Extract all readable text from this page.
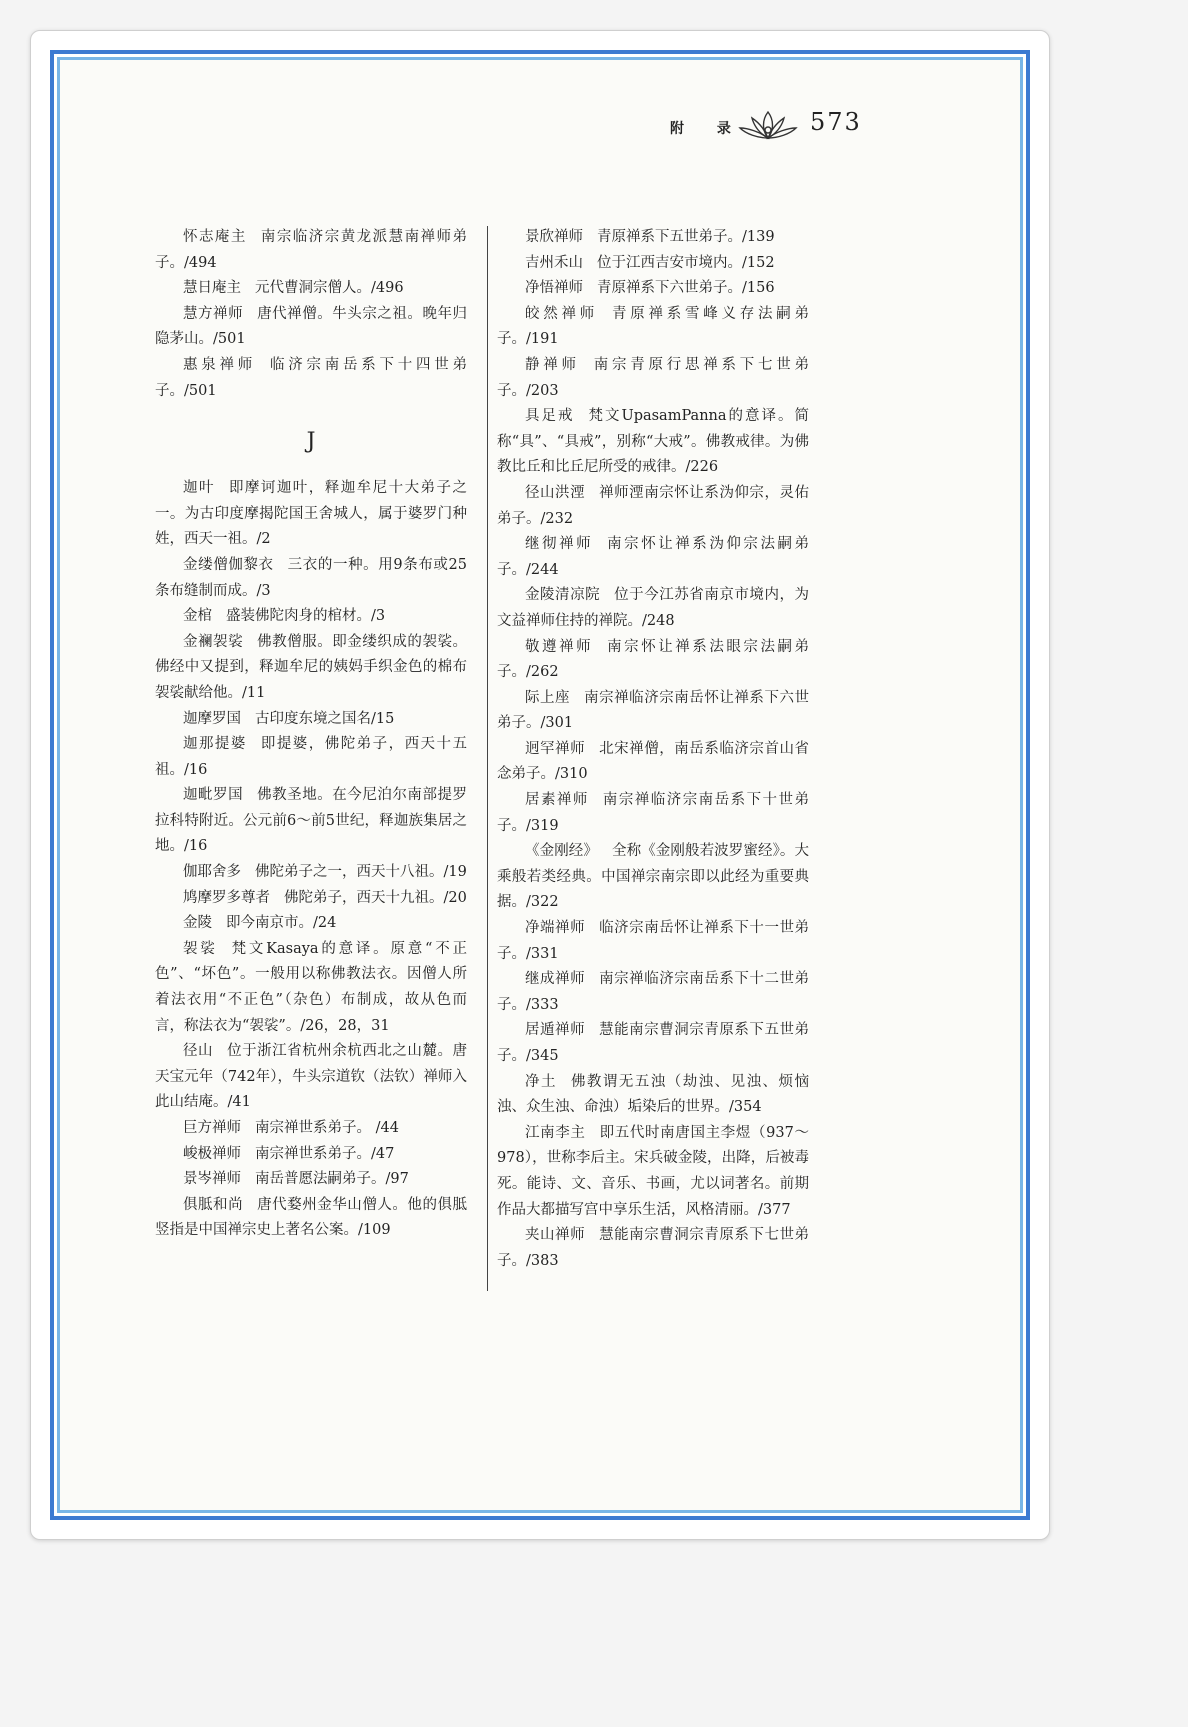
附 录	573

怀志庵主 南宗临济宗黄龙派慧南禅师弟子。/494

慧日庵主 元代曹洞宗僧人。/496

慧方禅师 唐代禅僧。牛头宗之祖。晚年归隐茅山。/501

惠泉禅师 临济宗南岳系下十四世弟子。/501

J

迦叶 即摩诃迦叶，释迦牟尼十大弟子之一。为古印度摩揭陀国王舍城人，属于婆罗门种姓，西天一祖。/2

金缕僧伽黎衣 三衣的一种。用9条布或25条布缝制而成。/3

金棺 盛装佛陀肉身的棺材。/3

金襕袈裟 佛教僧服。即金缕织成的袈裟。佛经中又提到，释迦牟尼的姨妈手织金色的棉布袈裟献给他。/11

迦摩罗国 古印度东境之国名/15

迦那提婆 即提婆，佛陀弟子，西天十五祖。/16

迦毗罗国 佛教圣地。在今尼泊尔南部提罗拉科特附近。公元前6～前5世纪，释迦族集居之地。/16

伽耶舍多 佛陀弟子之一，西天十八祖。/19

鸠摩罗多尊者 佛陀弟子，西天十九祖。/20

金陵 即今南京市。/24

袈裟 梵文Kasaya的意译。原意“不正色”、“坏色”。一般用以称佛教法衣。因僧人所着法衣用“不正色”（杂色）布制成，故从色而言，称法衣为“袈裟”。/26，28，31

径山 位于浙江省杭州余杭西北之山麓。唐天宝元年（742年），牛头宗道钦（法钦）禅师入此山结庵。/41

巨方禅师 南宗禅世系弟子。 /44

峻极禅师 南宗禅世系弟子。/47

景岑禅师 南岳普愿法嗣弟子。/97

俱胝和尚 唐代婺州金华山僧人。他的俱胝竖指是中国禅宗史上著名公案。/109

景欣禅师 青原禅系下五世弟子。/139

吉州禾山 位于江西吉安市境内。/152

净悟禅师 青原禅系下六世弟子。/156

皎然禅师 青原禅系雪峰义存法嗣弟子。/191

静禅师 南宗青原行思禅系下七世弟子。/203

具足戒 梵文UpasamPanna的意译。简称“具”、“具戒”，别称“大戒”。佛教戒律。为佛教比丘和比丘尼所受的戒律。/226

径山洪湮 禅师湮南宗怀让系沩仰宗，灵佑弟子。/232

继彻禅师 南宗怀让禅系沩仰宗法嗣弟子。/244

金陵清凉院 位于今江苏省南京市境内，为文益禅师住持的禅院。/248

敬遵禅师 南宗怀让禅系法眼宗法嗣弟子。/262

际上座 南宗禅临济宗南岳怀让禅系下六世弟子。/301

迥罕禅师 北宋禅僧，南岳系临济宗首山省念弟子。/310

居素禅师 南宗禅临济宗南岳系下十世弟子。/319

《金刚经》 全称《金刚般若波罗蜜经》。大乘般若类经典。中国禅宗南宗即以此经为重要典据。/322

净端禅师 临济宗南岳怀让禅系下十一世弟子。/331

继成禅师 南宗禅临济宗南岳系下十二世弟子。/333

居遁禅师 慧能南宗曹洞宗青原系下五世弟子。/345

净土 佛教谓无五浊（劫浊、见浊、烦恼浊、众生浊、命浊）垢染后的世界。/354

江南李主 即五代时南唐国主李煜（937～978），世称李后主。宋兵破金陵，出降，后被毒死。能诗、文、音乐、书画，尤以词著名。前期作品大都描写宫中享乐生活，风格清丽。/377

夹山禅师 慧能南宗曹洞宗青原系下七世弟子。/383
